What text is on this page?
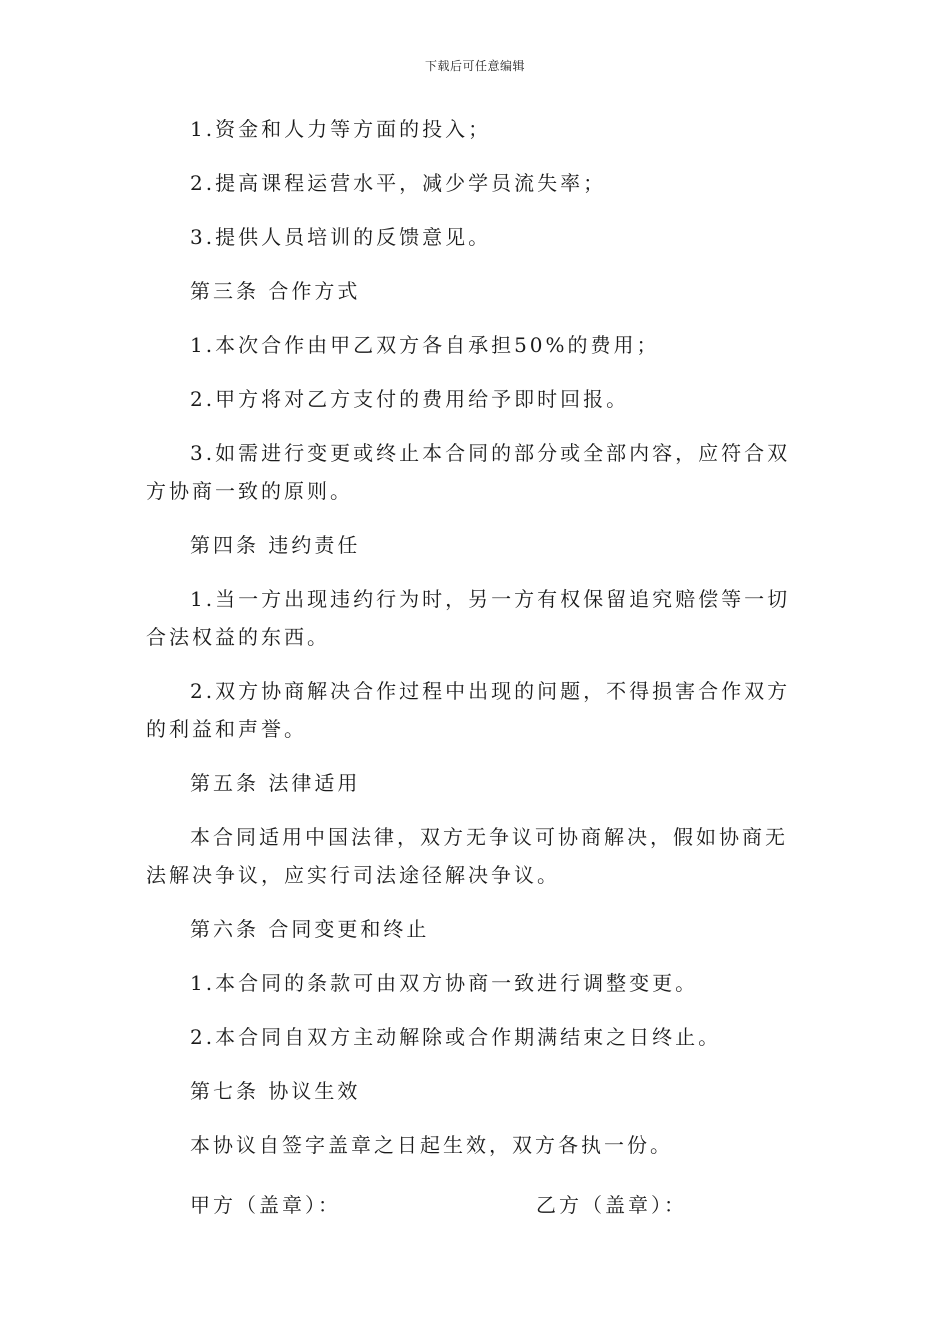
下载后可任意编辑

1.资金和人力等方面的投入；

2.提高课程运营水平，减少学员流失率；

3.提供人员培训的反馈意见。

第三条 合作方式

1.本次合作由甲乙双方各自承担50%的费用；

2.甲方将对乙方支付的费用给予即时回报。

3.如需进行变更或终止本合同的部分或全部内容，应符合双方协商一致的原则。

第四条 违约责任

1.当一方出现违约行为时，另一方有权保留追究赔偿等一切合法权益的东西。

2.双方协商解决合作过程中出现的问题，不得损害合作双方的利益和声誉。

第五条 法律适用

本合同适用中国法律，双方无争议可协商解决，假如协商无法解决争议，应实行司法途径解决争议。

第六条 合同变更和终止

1.本合同的条款可由双方协商一致进行调整变更。

2.本合同自双方主动解除或合作期满结束之日终止。

第七条 协议生效

本协议自签字盖章之日起生效，双方各执一份。

甲方（盖章）：	乙方（盖章）：
